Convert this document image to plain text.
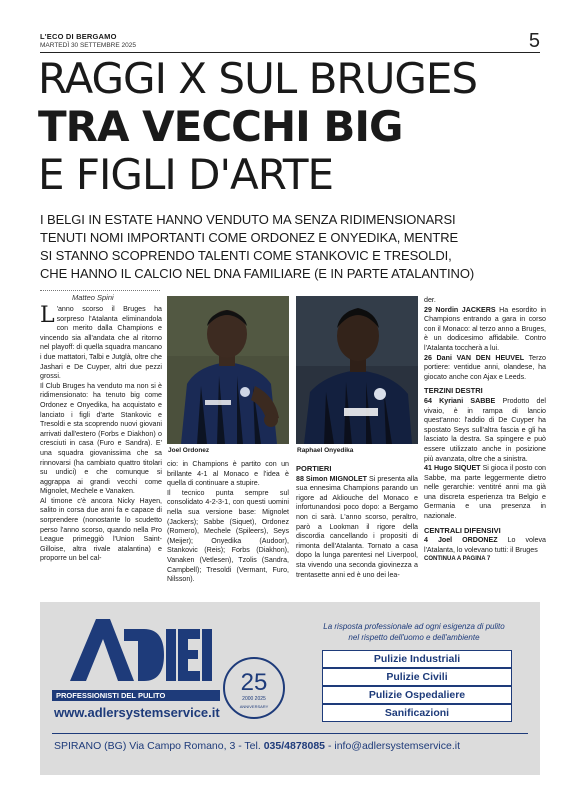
L'ECO DI BERGAMO
MARTEDÌ 30 SETTEMBRE 2025	5
RAGGI X SUL BRUGES
TRA VECCHI BIG
E FIGLI D'ARTE
I BELGI IN ESTATE HANNO VENDUTO MA SENZA RIDIMENSIONARSI
TENUTI NOMI IMPORTANTI COME ORDONEZ E ONYEDIKA, MENTRE
SI STANNO SCOPRENDO TALENTI COME STANKOVIC E TRESOLDI,
CHE HANNO IL CALCIO NEL DNA FAMILIARE (E IN PARTE ATALANTINO)
Matteo Spini

L 'anno scorso il Bruges ha sorpreso l'Atalanta eliminandola con merito dalla Champions e vincendo sia all'andata che al ritorno nel playoff: di quella squadra mancano i due mattatori, Talbi e Jutglà, oltre che Jashari e De Cuyper, altri due pezzi grossi.

Il Club Bruges ha venduto ma non si è ridimensionato: ha tenuto big come Ordonez e Onyedika, ha acquistato e lanciato i figli d'arte Stankovic e Tresoldi e sta scoprendo nuovi giovani arrivati dall'estero (Forbs e Diakhon) o cresciuti in casa (Furo e Sandra). E' una squadra giovanissima che sa rinnovarsi (ha cambiato quattro titolari su undici) e che comunque si aggrappa ai grandi vecchi come Mignolet, Mechele e Vanaken.

Al timone c'è ancora Nicky Hayen, salito in corsa due anni fa e capace di sorprendere (nonostante lo scudetto perso l'anno scorso, quando nella Pro League primeggiò l'Union Saint-Gilloise, altra rivale atalantina) e proporre un bel cal-

Joel Ordonez	Raphael Onyedika

cio: in Champions è partito con un brillante 4-1 al Monaco e l'idea è quella di continuare a stupire.

Il tecnico punta sempre sul consolidato 4-2-3-1, con questi uomini nella sua versione base: Mignolet (Jackers); Sabbe (Siquet), Ordonez (Romero), Mechele (Spileers), Seys (Meijer); Onyedika (Audoor), Stankovic (Reis); Forbs (Diakhon), Vanaken (Vetlesen), Tzolis (Sandra, Campbell); Tresoldi (Vermant, Furo, Nilsson).

PORTIERI

88 Simon MIGNOLET Si presenta alla sua ennesima Champions parando un rigore ad Akliouche del Monaco e infortunandosi poco dopo: a Bergamo non ci sarà. L'anno scorso, peraltro, parò a Lookman il rigore della discordia cancellando i propositi di rimonta dell'Atalanta. Tornato a casa dopo la lunga parentesi nel Liverpool, sta vivendo una seconda giovinezza a trentasette anni ed è uno dei lea-

der.

29 Nordin JACKERS Ha esordito in Champions entrando a gara in corso con il Monaco: al terzo anno a Bruges, è un dodicesimo affidabile. Contro l'Atalanta toccherà a lui.

26 Dani VAN DEN HEUVEL Terzo portiere: ventidue anni, olandese, ha giocato anche con Ajax e Leeds.

TERZINI DESTRI

64 Kyriani SABBE Prodotto del vivaio, è in rampa di lancio quest'anno: l'addio di De Cuyper ha spostato Seys sull'altra fascia e gli ha lasciato la destra. Sa spingere e può essere utilizzato anche in posizione più avanzata, oltre che a sinistra.

41 Hugo SIQUET Si gioca il posto con Sabbe, ma parte leggermente dietro nelle gerarchie: ventitré anni ma già una discreta esperienza tra Belgio e Germania e una presenza in nazionale.

CENTRALI DIFENSIVI

4 Joel ORDONEZ Lo voleva l'Atalanta, lo volevano tutti: il Bruges

CONTINUA A PAGINA 7

PROFESSIONISTI DEL PULITO
www.adlersystemservice.it
25
2000 2025
ANNIVERSARY
La risposta professionale ad ogni esigenza di pulito
nel rispetto dell'uomo e dell'ambiente
Pulizie Industriali
Pulizie Civili
Pulizie Ospedaliere
Sanificazioni
SPIRANO (BG) Via Campo Romano, 3 - Tel. 035/4878085 - info@adlersystemservice.it
